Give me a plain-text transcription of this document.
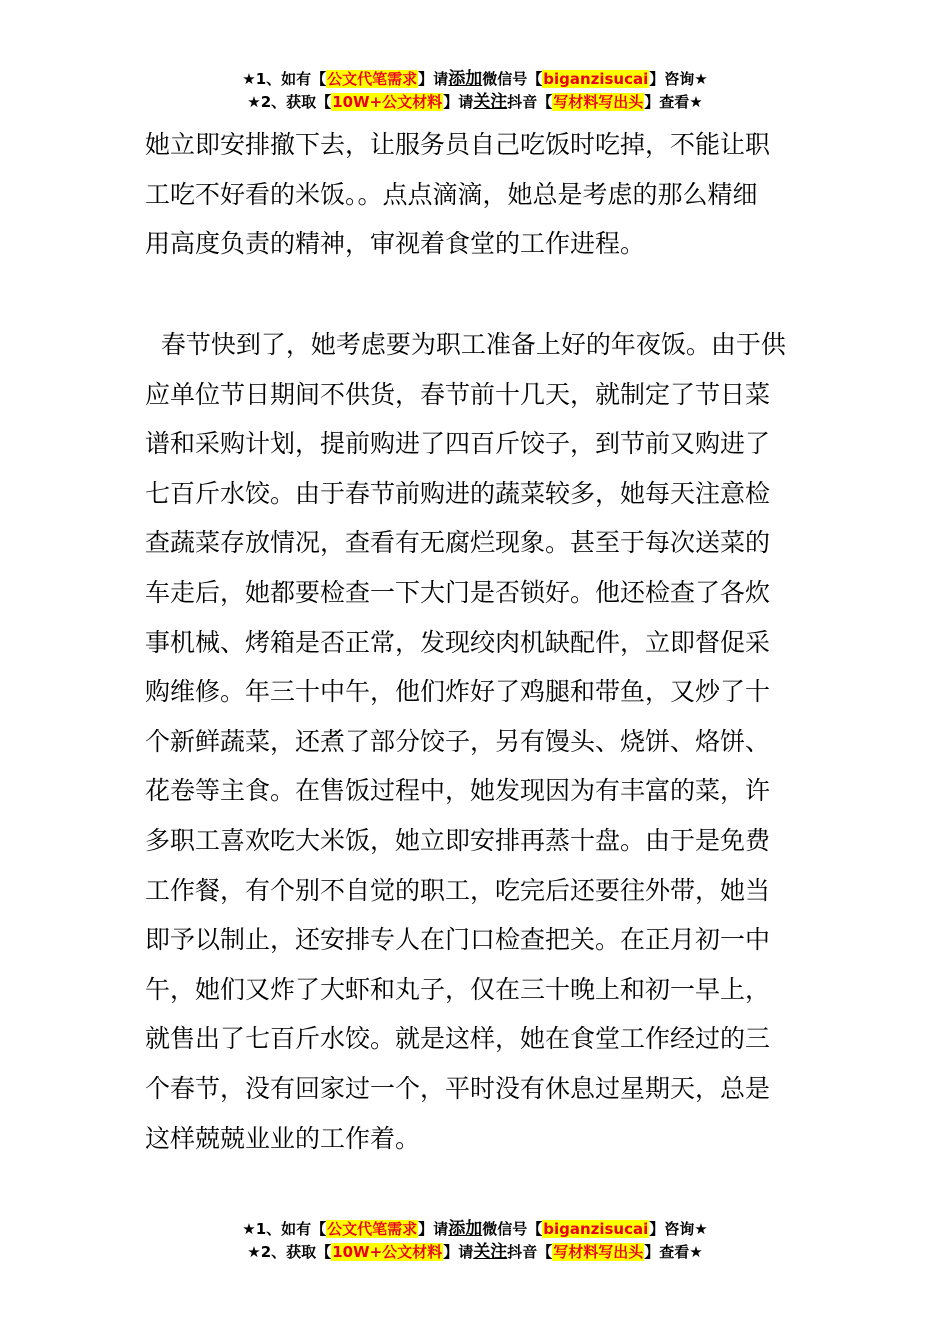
★1、如有【公文代笔需求】请添加微信号【biganzisucai】咨询★
★2、获取【10W+公文材料】请关注抖音【写材料写出头】查看★
她立即安排撤下去，让服务员自己吃饭时吃掉，不能让职
工吃不好看的米饭。。点点滴滴，她总是考虑的那么精细
用高度负责的精神，审视着食堂的工作进程。
春节快到了，她考虑要为职工准备上好的年夜饭。由于供
应单位节日期间不供货，春节前十几天，就制定了节日菜
谱和采购计划，提前购进了四百斤饺子，到节前又购进了
七百斤水饺。由于春节前购进的蔬菜较多，她每天注意检
查蔬菜存放情况，查看有无腐烂现象。甚至于每次送菜的
车走后，她都要检查一下大门是否锁好。他还检查了各炊
事机械、烤箱是否正常，发现绞肉机缺配件，立即督促采
购维修。年三十中午，他们炸好了鸡腿和带鱼，又炒了十
个新鲜蔬菜，还煮了部分饺子，另有馒头、烧饼、烙饼、
花卷等主食。在售饭过程中，她发现因为有丰富的菜，许
多职工喜欢吃大米饭，她立即安排再蒸十盘。由于是免费
工作餐，有个别不自觉的职工，吃完后还要往外带，她当
即予以制止，还安排专人在门口检查把关。在正月初一中
午，她们又炸了大虾和丸子，仅在三十晚上和初一早上，
就售出了七百斤水饺。就是这样，她在食堂工作经过的三
个春节，没有回家过一个，平时没有休息过星期天，总是
这样兢兢业业的工作着。
★1、如有【公文代笔需求】请添加微信号【biganzisucai】咨询★
★2、获取【10W+公文材料】请关注抖音【写材料写出头】查看★
